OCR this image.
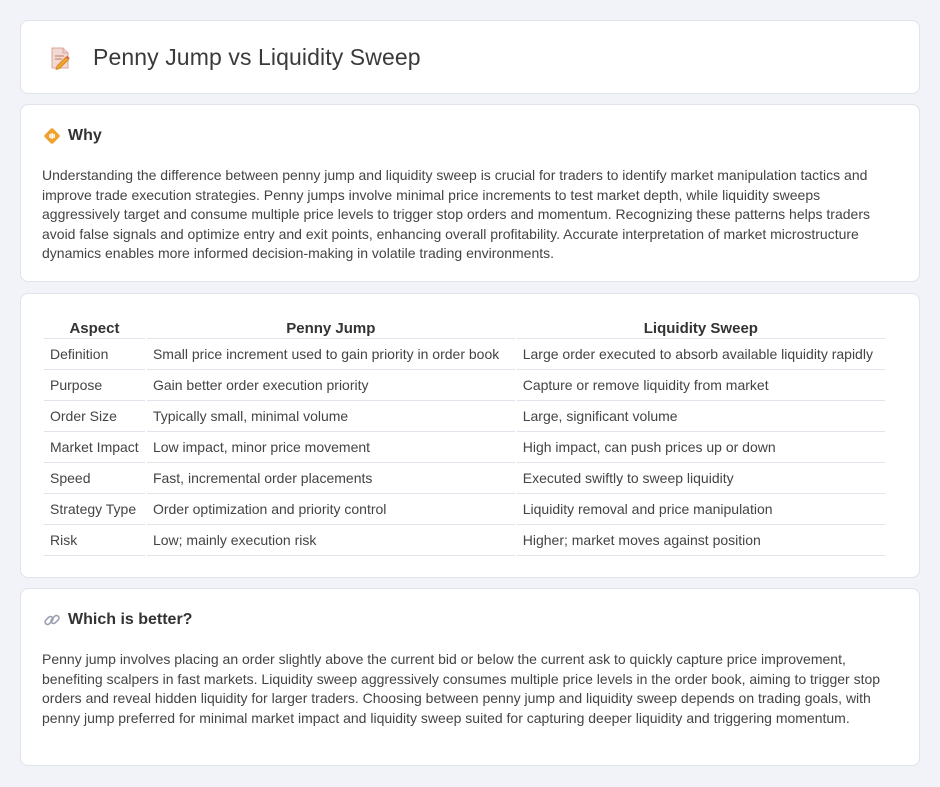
Penny Jump vs Liquidity Sweep
Why

Understanding the difference between penny jump and liquidity sweep is crucial for traders to identify market manipulation tactics and improve trade execution strategies. Penny jumps involve minimal price increments to test market depth, while liquidity sweeps aggressively target and consume multiple price levels to trigger stop orders and momentum. Recognizing these patterns helps traders avoid false signals and optimize entry and exit points, enhancing overall profitability. Accurate interpretation of market microstructure dynamics enables more informed decision-making in volatile trading environments.

Aspect	Penny Jump	Liquidity Sweep
Definition	Small price increment used to gain priority in order book	Large order executed to absorb available liquidity rapidly
Purpose	Gain better order execution priority	Capture or remove liquidity from market
Order Size	Typically small, minimal volume	Large, significant volume
Market Impact	Low impact, minor price movement	High impact, can push prices up or down
Speed	Fast, incremental order placements	Executed swiftly to sweep liquidity
Strategy Type	Order optimization and priority control	Liquidity removal and price manipulation
Risk	Low; mainly execution risk	Higher; market moves against position
Which is better?

Penny jump involves placing an order slightly above the current bid or below the current ask to quickly capture price improvement, benefiting scalpers in fast markets. Liquidity sweep aggressively consumes multiple price levels in the order book, aiming to trigger stop orders and reveal hidden liquidity for larger traders. Choosing between penny jump and liquidity sweep depends on trading goals, with penny jump preferred for minimal market impact and liquidity sweep suited for capturing deeper liquidity and triggering momentum.
